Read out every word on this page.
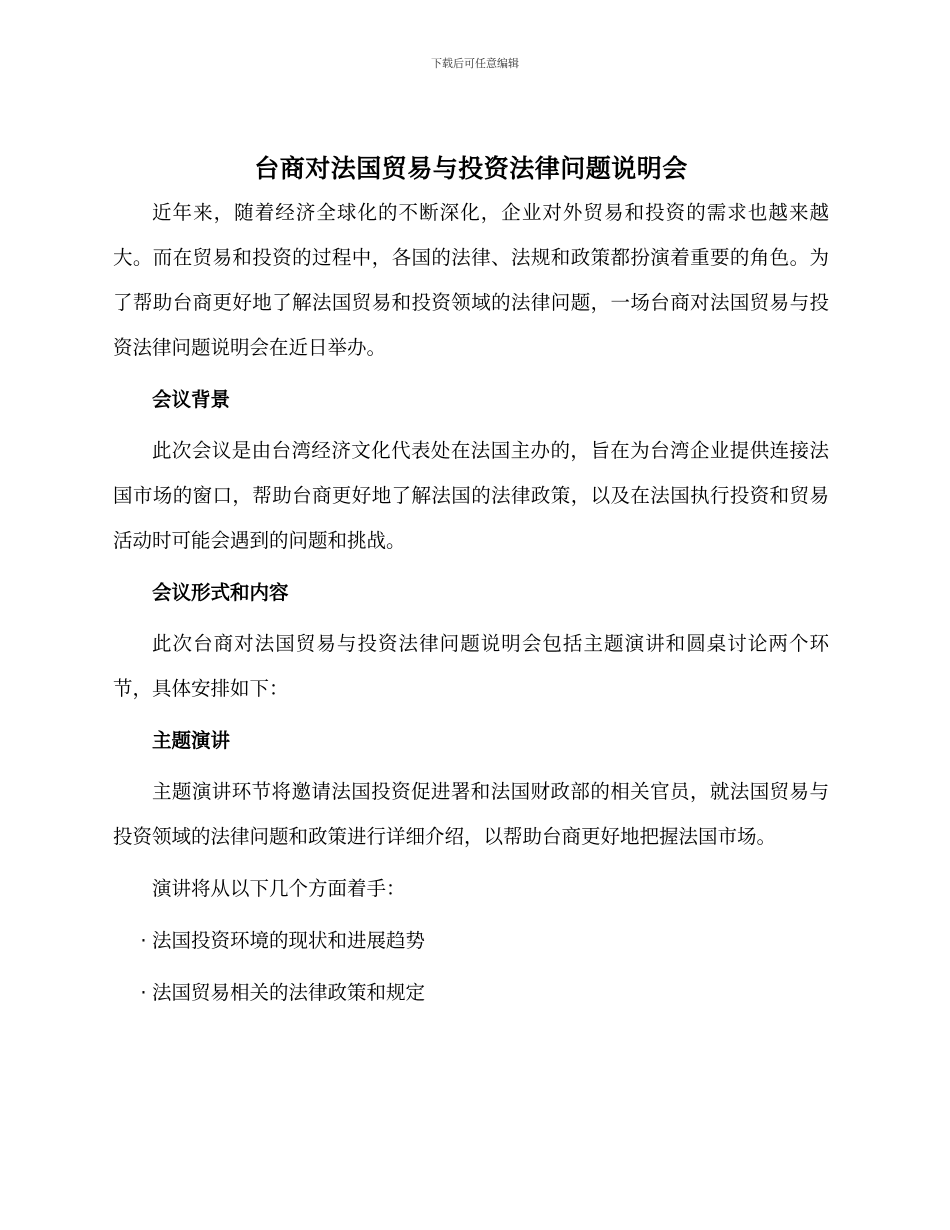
下载后可任意编辑
台商对法国贸易与投资法律问题说明会

近年来，随着经济全球化的不断深化，企业对外贸易和投资的需求也越来越大。而在贸易和投资的过程中，各国的法律、法规和政策都扮演着重要的角色。为了帮助台商更好地了解法国贸易和投资领域的法律问题，一场台商对法国贸易与投资法律问题说明会在近日举办。

会议背景

此次会议是由台湾经济文化代表处在法国主办的，旨在为台湾企业提供连接法国市场的窗口，帮助台商更好地了解法国的法律政策，以及在法国执行投资和贸易活动时可能会遇到的问题和挑战。

会议形式和内容

此次台商对法国贸易与投资法律问题说明会包括主题演讲和圆桌讨论两个环节，具体安排如下：

主题演讲

主题演讲环节将邀请法国投资促进署和法国财政部的相关官员，就法国贸易与投资领域的法律问题和政策进行详细介绍，以帮助台商更好地把握法国市场。

演讲将从以下几个方面着手：

· 法国投资环境的现状和进展趋势

· 法国贸易相关的法律政策和规定
